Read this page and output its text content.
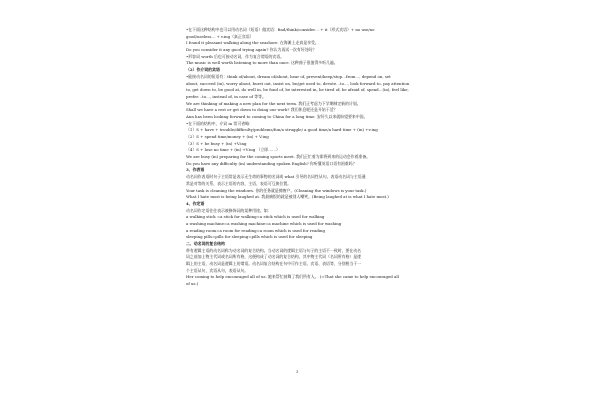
•在下面这种结构中也可以用动名词（短语）做宾语：find/think/consider… + it（形式宾语）+ no use/no
good/useless… + v.ing（真正宾语）
I found it pleasant walking along the seashore. 在海滩上走真是享受。
Do you consider it any good trying again? 你认为再试一次有好处吗？
•形容词 worth 后也可接动名词，作为复合谓语的宾语。
The music is well worth listening to more than once. 这种曲子很值得多听几遍。
（2）作介词的宾语
•能接动名词的短语有：think of/about, dream of/about, hear of, prevent/keep/stop…from…, depend on, set
about, succeed (in), worry about, burst out, insist on, be/get used to, devote…to…, look forward to, pay attention
to, get down to, be good at, do well in, be fond of, be interested in, be tired of, be afraid of, spend…(in), feel like,
prefer…to…, instead of, in case of 等等。
We are thinking of making a new plan for the next term. 我们正考虑为下学期制定新的计划。
Shall we have a rest or get down to doing our work? 我们休息呢还是开始干活？
Ann has been looking forward to coming to China for a long time. 安好久以来就盼望要来中国。
•在下面的结构中，介词 in 常可省略：
（1）S + have + trouble/difficulty/problems/fun/a struggle/ a good time/a hard time + (in) +v.ing
（2）S + spend time/money + (in) + V.ing
（3）S + be busy + (in) +V.ing
（4）S + lose no time + (in) +V.ing （立即……）
We are busy (in) preparing for the coming sports meet. 我们正忙着为即将到来的运动会作着准备。
Do you have any difficulty (in) understanding spoken English? 你听懂英语口语有困难吗？
3、作表语
动名词作表语时句子主语常是表示无生命的事物的名词或 what 引导的名词性从句。表语动名词与主语通
常是对等的关系，表示主语的内容，主语、表语可互换位置。
Your task is cleaning the windows. 你的任务就是擦窗户。(Cleaning the windows is your task.)
What I hate most is being laughed at. 我最痛恨的就是被别人嘲笑。(Being laughed at is what I hate most.)
4、作定语
动名词作定语往往表示被修饰词的某种用途。如：
a walking stick =a stick for walking=a stick which is used for walking
a washing machine=a washing machine=a machine which is used for washing
a reading room=a room for reading=a room which is used for reading
sleeping pills=pills for sleeping=pills which is used for sleeping
二、动名词的复合结构
带有逻辑主语的动名词称为动名词的复合结构。当动名词的逻辑主语与句子的主语不一致时，要在动名
词之前加上物主代词或名词所有格，这便构成了动名词的复合结构，其中物主代词（名词所有格）是逻
辑上的主语，动名词是逻辑上的谓语。动名词复合结构在句中可作主语、宾语、表语等，分别相当于一
个主语从句，宾语从句，表语从句。
Her coming to help encouraged all of us. 她来帮忙鼓舞了我们所有人。 (=That she came to help encouraged all
of us.)
3
